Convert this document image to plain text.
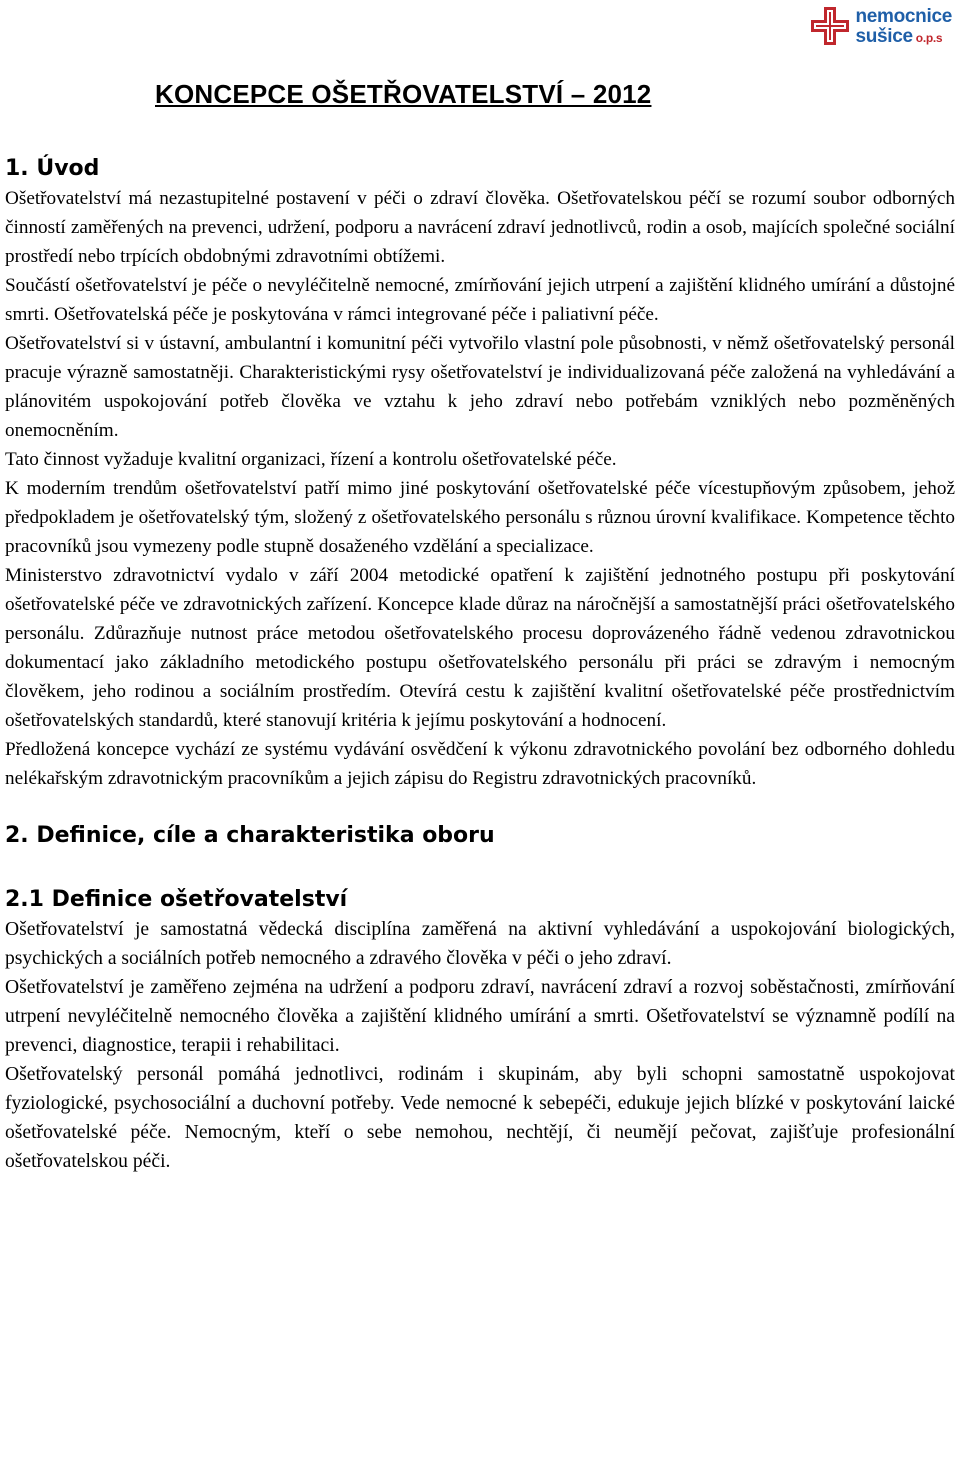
nemocnice
sušice o.p.s
KONCEPCE OŠETŘOVATELSTVÍ – 2012
1. Úvod

Ošetřovatelství má nezastupitelné postavení v péči o zdraví člověka. Ošetřovatelskou péčí se rozumí soubor odborných činností zaměřených na prevenci, udržení, podporu a navrácení zdraví jednotlivců, rodin a osob, majících společné sociální prostředí nebo trpících obdobnými zdravotními obtížemi.

Součástí ošetřovatelství je péče o nevyléčitelně nemocné, zmírňování jejich utrpení a zajištění klidného umírání a důstojné smrti. Ošetřovatelská péče je poskytována v rámci integrované péče i paliativní péče.

Ošetřovatelství si v ústavní, ambulantní i komunitní péči vytvořilo vlastní pole působnosti, v němž ošetřovatelský personál pracuje výrazně samostatněji. Charakteristickými rysy ošetřovatelství je individualizovaná péče založená na vyhledávání a plánovitém uspokojování potřeb člověka ve vztahu k jeho zdraví nebo potřebám vzniklých nebo pozměněných onemocněním.

Tato činnost vyžaduje kvalitní organizaci, řízení a kontrolu ošetřovatelské péče.

K moderním trendům ošetřovatelství patří mimo jiné poskytování ošetřovatelské péče vícestupňovým způsobem, jehož předpokladem je ošetřovatelský tým, složený z ošetřovatelského personálu s různou úrovní kvalifikace. Kompetence těchto pracovníků jsou vymezeny podle stupně dosaženého vzdělání a specializace.

Ministerstvo zdravotnictví vydalo v září 2004 metodické opatření k zajištění jednotného postupu při poskytování ošetřovatelské péče ve zdravotnických zařízení. Koncepce klade důraz na náročnější a samostatnější práci ošetřovatelského personálu. Zdůrazňuje nutnost práce metodou ošetřovatelského procesu doprovázeného řádně vedenou zdravotnickou dokumentací jako základního metodického postupu ošetřovatelského personálu při práci se zdravým i nemocným člověkem, jeho rodinou a sociálním prostředím. Otevírá cestu k zajištění kvalitní ošetřovatelské péče prostřednictvím ošetřovatelských standardů, které stanovují kritéria k jejímu poskytování a hodnocení.

Předložená koncepce vychází ze systému vydávání osvědčení k výkonu zdravotnického povolání bez odborného dohledu nelékařským zdravotnickým pracovníkům a jejich zápisu do Registru zdravotnických pracovníků.

2. Definice, cíle a charakteristika oboru
2.1 Definice ošetřovatelství

Ošetřovatelství je samostatná vědecká disciplína zaměřená na aktivní vyhledávání a uspokojování biologických, psychických a sociálních potřeb nemocného a zdravého člověka v péči o jeho zdraví.

Ošetřovatelství je zaměřeno zejména na udržení a podporu zdraví, navrácení zdraví a rozvoj soběstačnosti, zmírňování utrpení nevyléčitelně nemocného člověka a zajištění klidného umírání a smrti. Ošetřovatelství se významně podílí na prevenci, diagnostice, terapii i rehabilitaci.

Ošetřovatelský personál pomáhá jednotlivci, rodinám i skupinám, aby byli schopni samostatně uspokojovat fyziologické, psychosociální a duchovní potřeby. Vede nemocné k sebepéči, edukuje jejich blízké v poskytování laické ošetřovatelské péče. Nemocným, kteří o sebe nemohou, nechtějí, či neumějí pečovat, zajišťuje profesionální ošetřovatelskou péči.
